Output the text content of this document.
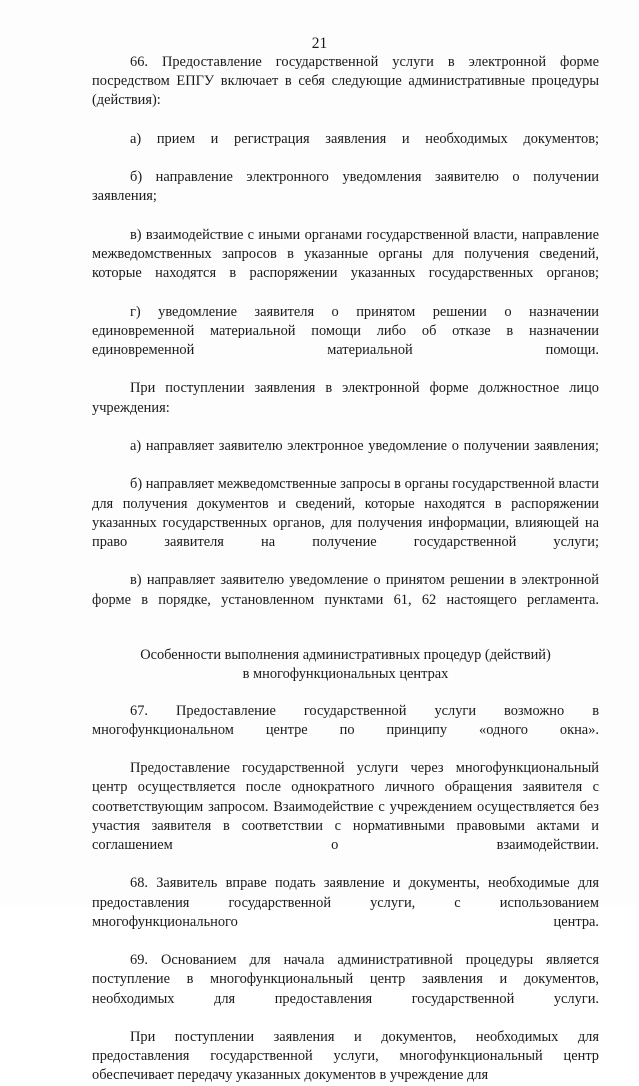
21

66. Предоставление государственной услуги в электронной форме посредством ЕПГУ включает в себя следующие административные процедуры (действия):

а) прием и регистрация заявления и необходимых документов;

б) направление электронного уведомления заявителю о получении заявления;

в) взаимодействие с иными органами государственной власти, направление межведомственных запросов в указанные органы для получения сведений, которые находятся в распоряжении указанных государственных органов;

г) уведомление заявителя о принятом решении о назначении единовременной материальной помощи либо об отказе в назначении единовременной материальной помощи.

При поступлении заявления в электронной форме должностное лицо учреждения:

а) направляет заявителю электронное уведомление о получении заявления;

б) направляет межведомственные запросы в органы государственной власти для получения документов и сведений, которые находятся в распоряжении указанных государственных органов, для получения информации, влияющей на право заявителя на получение государственной услуги;

в) направляет заявителю уведомление о принятом решении в электронной форме в порядке, установленном пунктами 61, 62 настоящего регламента.

Особенности выполнения административных процедур (действий)
в многофункциональных центрах

67. Предоставление государственной услуги возможно в многофункциональном центре по принципу «одного окна».

Предоставление государственной услуги через многофункциональный центр осуществляется после однократного личного обращения заявителя с соответствующим запросом. Взаимодействие с учреждением осуществляется без участия заявителя в соответствии с нормативными правовыми актами и соглашением о взаимодействии.

68. Заявитель вправе подать заявление и документы, необходимые для предоставления государственной услуги, с использованием многофункционального центра.

69. Основанием для начала административной процедуры является поступление в многофункциональный центр заявления и документов, необходимых для предоставления государственной услуги.

При поступлении заявления и документов, необходимых для предоставления государственной услуги, многофункциональный центр обеспечивает передачу указанных документов в учреждение для
